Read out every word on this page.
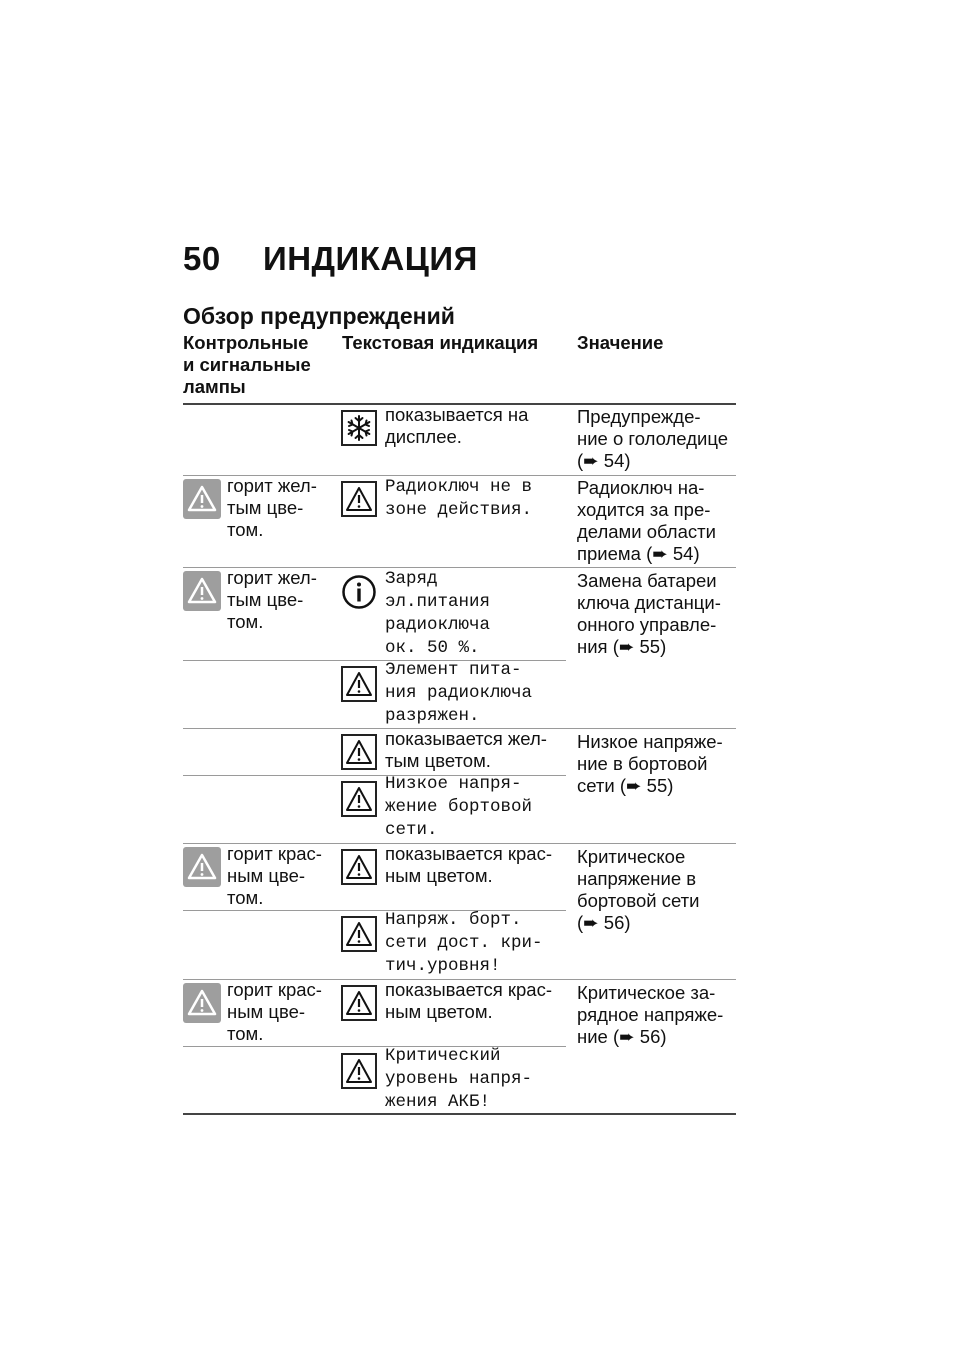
50 ИНДИКАЦИЯ
Обзор предупреждений
Контрольные
и сигнальные
лампы
Текстовая индикация Значение
показывается на
дисплее.
Предупрежде-
ние о гололедице
(➨ 54)
горит жел-
тым цве-
том.
Радиоключ не в
зоне действия.
Радиоключ на-
ходится за пре-
делами области
приема (➨ 54)
горит жел-
тым цве-
том.
Заряд
эл.питания
радиоключа
ок. 50 %.
Замена батареи
ключа дистанци-
онного управле-
ния (➨ 55)
Элемент пита-
ния радиоключа
разряжен.
показывается жел-
тым цветом.
Низкое напряже-
ние в бортовой
сети (➨ 55)
Низкое напря-
жение бортовой
сети.
горит крас-
ным цве-
том.
показывается крас-
ным цветом.
Критическое
напряжение в
бортовой сети
(➨ 56)
Напряж. борт.
сети дост. кри-
тич.уровня!
горит крас-
ным цве-
том.
показывается крас-
ным цветом.
Критическое за-
рядное напряже-
ние (➨ 56)
Критический
уровень напря-
жения АКБ!
